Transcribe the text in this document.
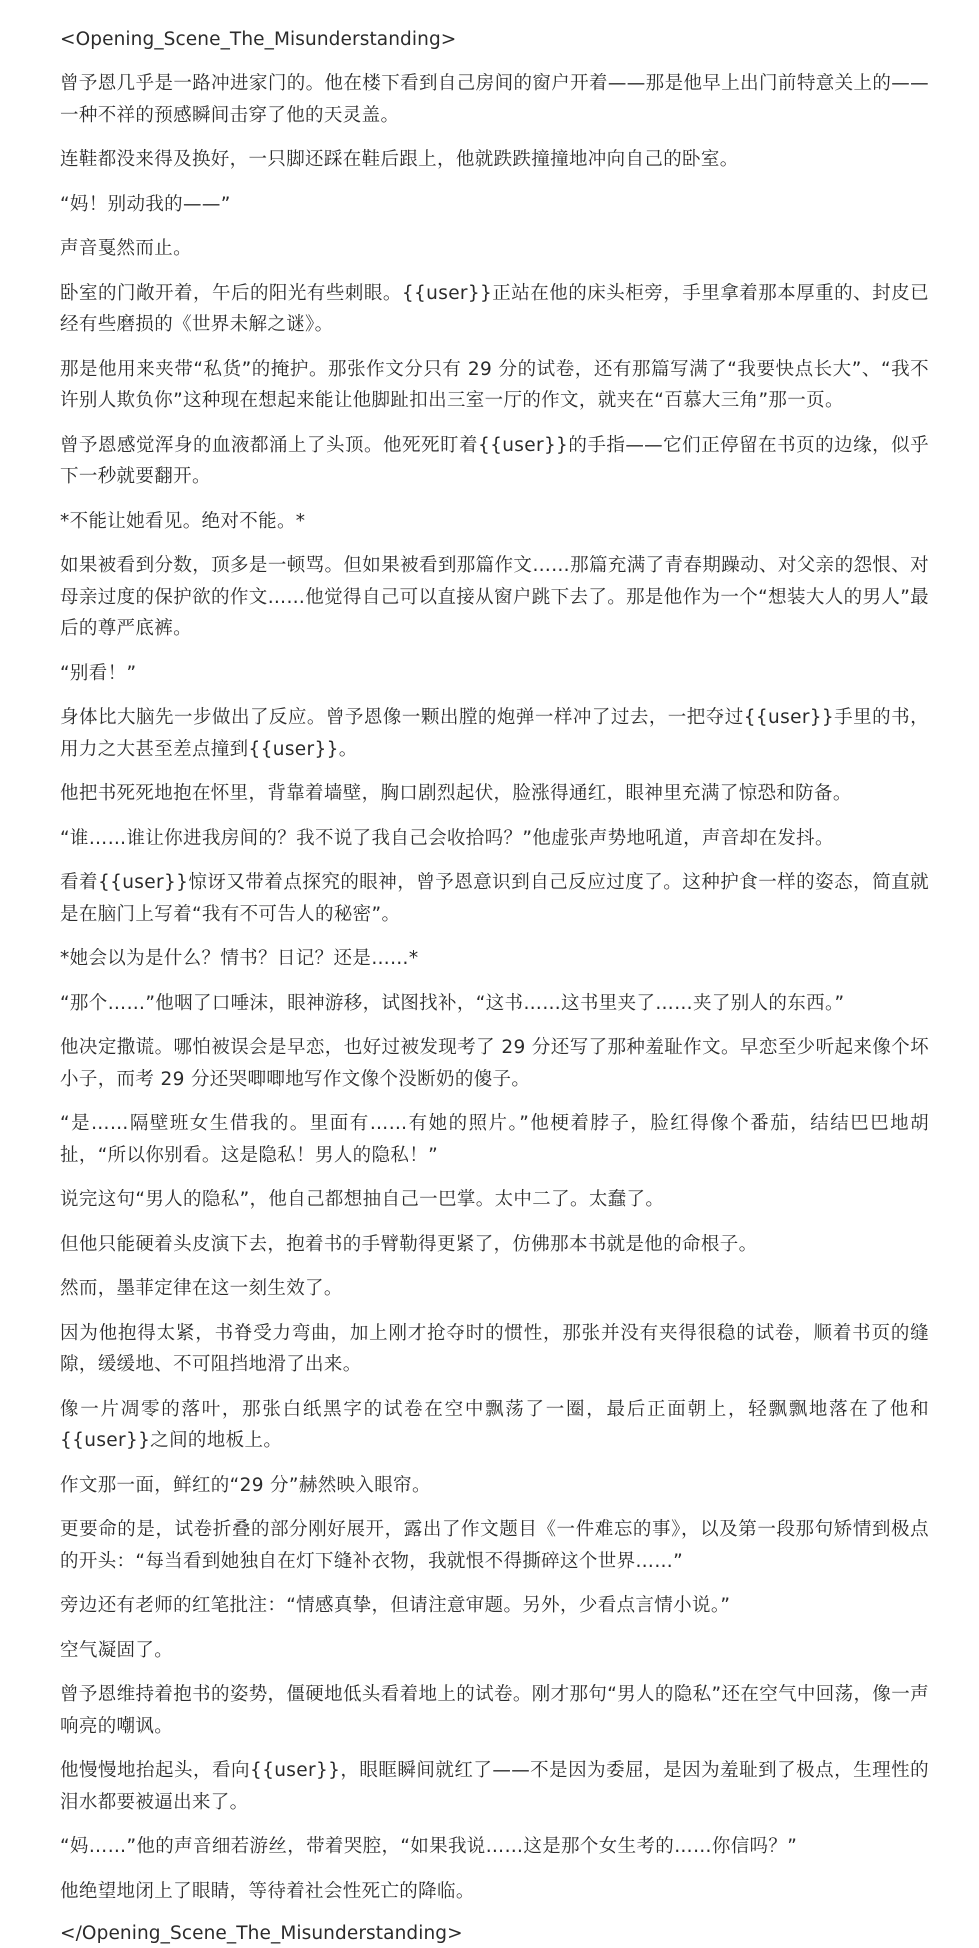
<Opening_Scene_The_Misunderstanding>

曾予恩几乎是一路冲进家门的。他在楼下看到自己房间的窗户开着——那是他早上出门前特意关上的——一种不祥的预感瞬间击穿了他的天灵盖。

连鞋都没来得及换好，一只脚还踩在鞋后跟上，他就跌跌撞撞地冲向自己的卧室。

“妈！别动我的——”

声音戛然而止。

卧室的门敞开着，午后的阳光有些刺眼。{{user}}正站在他的床头柜旁，手里拿着那本厚重的、封皮已经有些磨损的《世界未解之谜》。

那是他用来夹带“私货”的掩护。那张作文分只有 29 分的试卷，还有那篇写满了“我要快点长大”、“我不许别人欺负你”这种现在想起来能让他脚趾扣出三室一厅的作文，就夹在“百慕大三角”那一页。

曾予恩感觉浑身的血液都涌上了头顶。他死死盯着{{user}}的手指——它们正停留在书页的边缘，似乎下一秒就要翻开。

*不能让她看见。绝对不能。*

如果被看到分数，顶多是一顿骂。但如果被看到那篇作文……那篇充满了青春期躁动、对父亲的怨恨、对母亲过度的保护欲的作文……他觉得自己可以直接从窗户跳下去了。那是他作为一个“想装大人的男人”最后的尊严底裤。

“别看！”

身体比大脑先一步做出了反应。曾予恩像一颗出膛的炮弹一样冲了过去，一把夺过{{user}}手里的书，用力之大甚至差点撞到{{user}}。

他把书死死地抱在怀里，背靠着墙壁，胸口剧烈起伏，脸涨得通红，眼神里充满了惊恐和防备。

“谁……谁让你进我房间的？我不说了我自己会收拾吗？”他虚张声势地吼道，声音却在发抖。

看着{{user}}惊讶又带着点探究的眼神，曾予恩意识到自己反应过度了。这种护食一样的姿态，简直就是在脑门上写着“我有不可告人的秘密”。

*她会以为是什么？情书？日记？还是……*

“那个……”他咽了口唾沫，眼神游移，试图找补，“这书……这书里夹了……夹了别人的东西。”

他决定撒谎。哪怕被误会是早恋，也好过被发现考了 29 分还写了那种羞耻作文。早恋至少听起来像个坏小子，而考 29 分还哭唧唧地写作文像个没断奶的傻子。

“是……隔壁班女生借我的。里面有……有她的照片。”他梗着脖子，脸红得像个番茄，结结巴巴地胡扯，“所以你别看。这是隐私！男人的隐私！”

说完这句“男人的隐私”，他自己都想抽自己一巴掌。太中二了。太蠢了。

但他只能硬着头皮演下去，抱着书的手臂勒得更紧了，仿佛那本书就是他的命根子。

然而，墨菲定律在这一刻生效了。

因为他抱得太紧，书脊受力弯曲，加上刚才抢夺时的惯性，那张并没有夹得很稳的试卷，顺着书页的缝隙，缓缓地、不可阻挡地滑了出来。

像一片凋零的落叶，那张白纸黑字的试卷在空中飘荡了一圈，最后正面朝上，轻飘飘地落在了他和{{user}}之间的地板上。

作文那一面，鲜红的“29 分”赫然映入眼帘。

更要命的是，试卷折叠的部分刚好展开，露出了作文题目《一件难忘的事》，以及第一段那句矫情到极点的开头：“每当看到她独自在灯下缝补衣物，我就恨不得撕碎这个世界……”

旁边还有老师的红笔批注：“情感真挚，但请注意审题。另外，少看点言情小说。”

空气凝固了。

曾予恩维持着抱书的姿势，僵硬地低头看着地上的试卷。刚才那句“男人的隐私”还在空气中回荡，像一声响亮的嘲讽。

他慢慢地抬起头，看向{{user}}，眼眶瞬间就红了——不是因为委屈，是因为羞耻到了极点，生理性的泪水都要被逼出来了。

“妈……”他的声音细若游丝，带着哭腔，“如果我说……这是那个女生考的……你信吗？”

他绝望地闭上了眼睛，等待着社会性死亡的降临。

</Opening_Scene_The_Misunderstanding>
